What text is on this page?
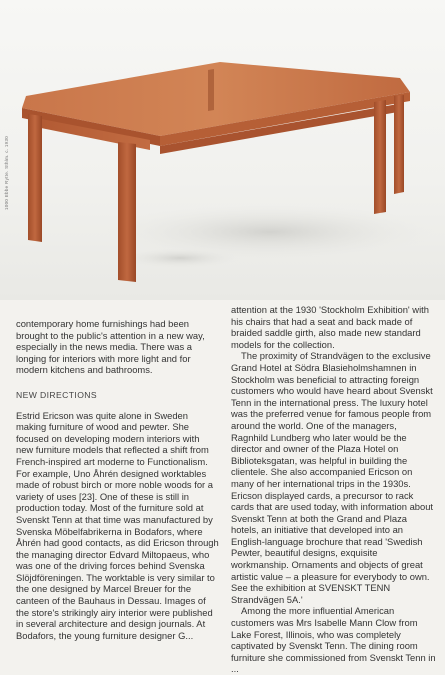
1000 Ebbe Rytte. Sthlm. c. 1930

contemporary home furnishings had been brought to the public's attention in a new way, especially in the news media. There was a longing for interiors with more light and for modern kitchens and bathrooms.

NEW DIRECTIONS

Estrid Ericson was quite alone in Sweden making furniture of wood and pewter. She focused on developing modern interiors with new furniture models that reflected a shift from French-inspired art moderne to Functionalism. For example, Uno Åhrén designed worktables made of robust birch or more noble woods for a variety of uses [23]. One of these is still in production today. Most of the furniture sold at Svenskt Tenn at that time was manufactured by Svenska Möbelfabrikerna in Bodafors, where Åhrén had good contacts, as did Ericson through the managing director Edvard Miltopaeus, who was one of the driving forces behind Svenska Slöjdföreningen. The worktable is very similar to the one designed by Marcel Breuer for the canteen of the Bauhaus in Dessau. Images of the store's strikingly airy interior were published in several architecture and design journals. At Bodafors, the young furniture designer G...

attention at the 1930 'Stockholm Exhibition' with his chairs that had a seat and back made of braided saddle girth, also made new standard models for the collection.

The proximity of Strandvägen to the exclusive Grand Hotel at Södra Blasieholmshamnen in Stockholm was beneficial to attracting foreign customers who would have heard about Svenskt Tenn in the international press. The luxury hotel was the preferred venue for famous people from around the world. One of the managers, Ragnhild Lundberg who later would be the director and owner of the Plaza Hotel on Biblioteksgatan, was helpful in building the clientele. She also accompanied Ericson on many of her international trips in the 1930s. Ericson displayed cards, a precursor to rack cards that are used today, with information about Svenskt Tenn at both the Grand and Plaza hotels, an initiative that developed into an English-language brochure that read 'Swedish Pewter, beautiful designs, exquisite workmanship. Ornaments and objects of great artistic value – a pleasure for everybody to own. See the exhibition at SVENSKT TENN Strandvägen 5A.'

Among the more influential American customers was Mrs Isabelle Mann Clow from Lake Forest, Illinois, who was completely captivated by Svenskt Tenn. The dining room furniture she commissioned from Svenskt Tenn in ...
